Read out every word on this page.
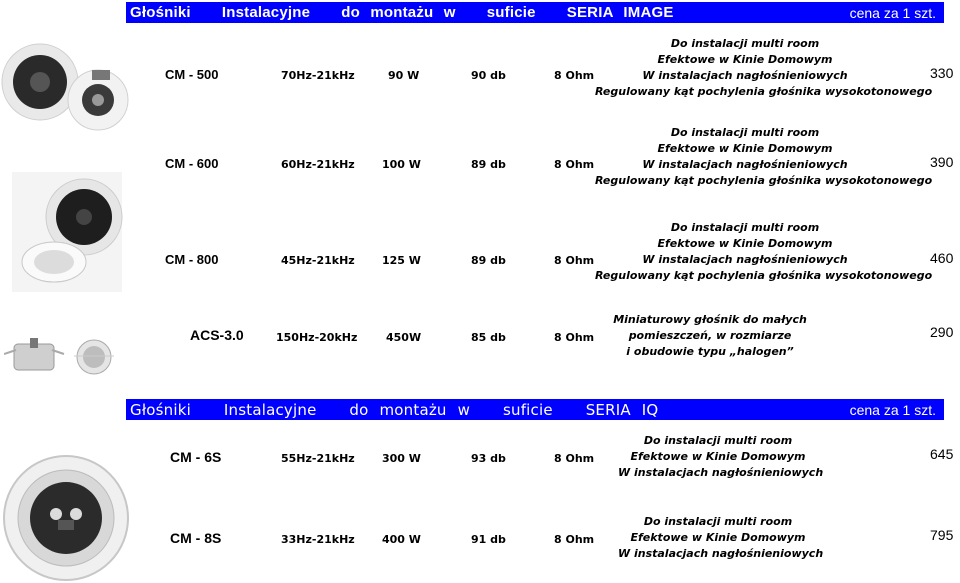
Głośniki   Instalacyjne   do montażu w   suficie   SERIA IMAGE	cena za 1 szt.
CM - 500	70Hz-21kHz	90 W	90 db	8 Ohm
Do instalacji multi room
Efektowe w Kinie Domowym
W instalacjach nagłośnieniowych
Regulowany kąt pochylenia głośnika wysokotonowego
330
CM - 600	60Hz-21kHz 100 W	89 db	8 Ohm
Do instalacji multi room
Efektowe w Kinie Domowym
W instalacjach nagłośnieniowych
Regulowany kąt pochylenia głośnika wysokotonowego
390
CM - 800	45Hz-21kHz 125 W	89 db	8 Ohm
Do instalacji multi room
Efektowe w Kinie Domowym
W instalacjach nagłośnieniowych
Regulowany kąt pochylenia głośnika wysokotonowego
460
ACS-3.0	150Hz-20kHz	450W	85 db	8 Ohm
Miniaturowy głośnik do małych
pomieszczeń, w rozmiarze
i obudowie typu „halogen”
290
Głośniki   Instalacyjne   do montażu w   suficie   SERIA IQ	cena za 1 szt.
CM - 6S	55Hz-21kHz 300 W	93 db	8 Ohm
Do instalacji multi room
Efektowe w Kinie Domowym
W instalacjach nagłośnieniowych
645
CM - 8S	33Hz-21kHz 400 W	91 db	8 Ohm
Do instalacji multi room
Efektowe w Kinie Domowym
W instalacjach nagłośnieniowych
795
